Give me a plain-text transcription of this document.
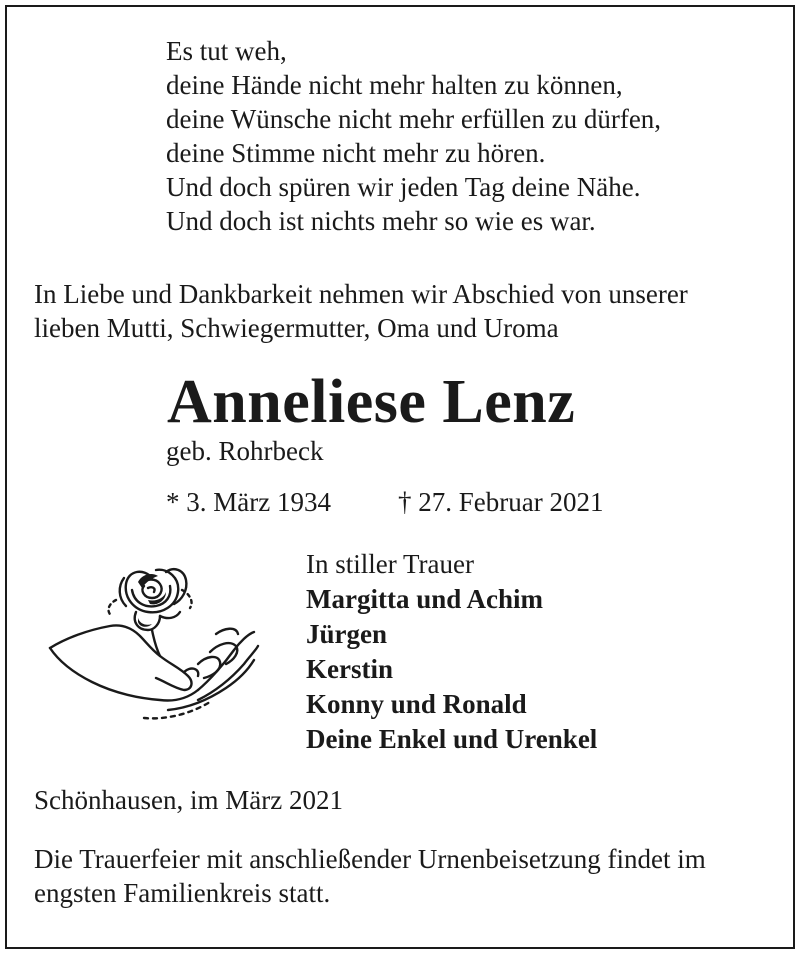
Es tut weh,
deine Hände nicht mehr halten zu können,
deine Wünsche nicht mehr erfüllen zu dürfen,
deine Stimme nicht mehr zu hören.
Und doch spüren wir jeden Tag deine Nähe.
Und doch ist nichts mehr so wie es war.
In Liebe und Dankbarkeit nehmen wir Abschied von unserer
lieben Mutti, Schwiegermutter, Oma und Uroma
Anneliese Lenz
geb. Rohrbeck
* 3. März 1934 † 27. Februar 2021
In stiller Trauer
Margitta und Achim
Jürgen
Kerstin
Konny und Ronald
Deine Enkel und Urenkel
Schönhausen, im März 2021
Die Trauerfeier mit anschließender Urnenbeisetzung findet im
engsten Familienkreis statt.
